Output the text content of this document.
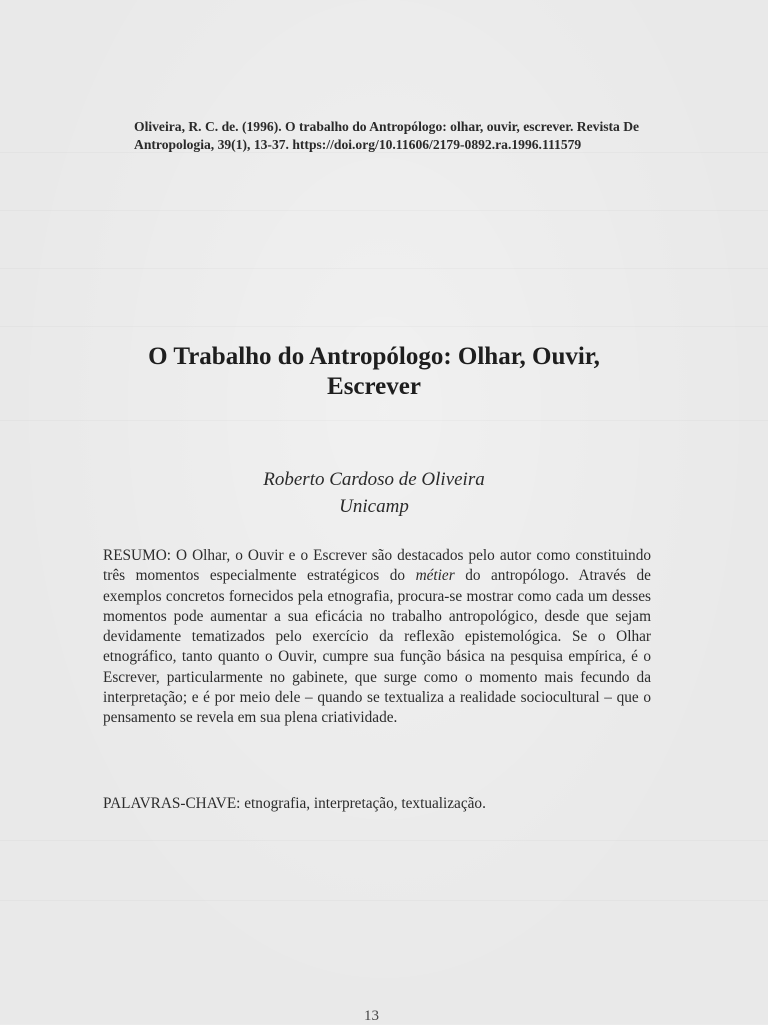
Oliveira, R. C. de. (1996). O trabalho do Antropólogo: olhar, ouvir, escrever. Revista De
Antropologia, 39(1), 13-37. https://doi.org/10.11606/2179-0892.ra.1996.111579
O Trabalho do Antropólogo: Olhar, Ouvir,
Escrever
Roberto Cardoso de Oliveira
Unicamp

RESUMO: O Olhar, o Ouvir e o Escrever são destacados pelo autor como constituindo três momentos especialmente estratégicos do métier do antropólogo. Através de exemplos concretos fornecidos pela etnografia, procura-se mostrar como cada um desses momentos pode aumentar a sua eficácia no trabalho antropológico, desde que sejam devidamente tematizados pelo exercício da reflexão epistemológica. Se o Olhar etnográfico, tanto quanto o Ouvir, cumpre sua função básica na pesquisa empírica, é o Escrever, particularmente no gabinete, que surge como o momento mais fecundo da interpretação; e é por meio dele – quando se textualiza a realidade sociocultural – que o pensamento se revela em sua plena criatividade.

PALAVRAS-CHAVE: etnografia, interpretação, textualização.
13
